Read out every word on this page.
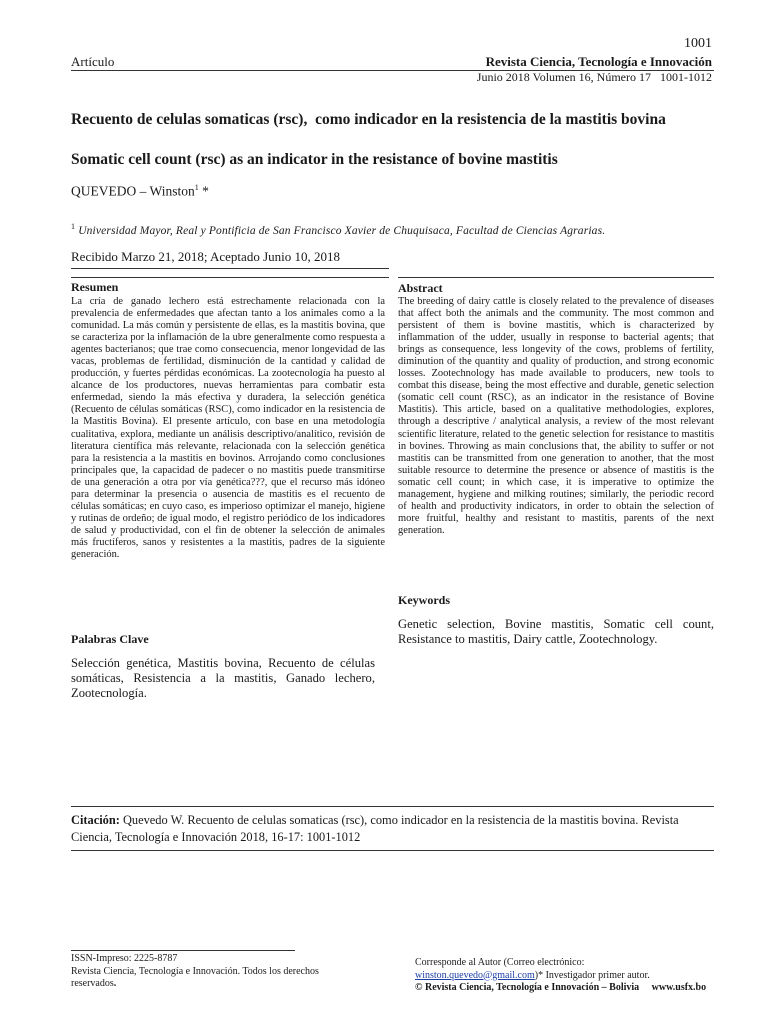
1001
Artículo	Revista Ciencia, Tecnología e Innovación
Junio 2018 Volumen 16, Número 17   1001-1012
Recuento de celulas somaticas (rsc),  como indicador en la resistencia de la mastitis bovina
Somatic cell count (rsc) as an indicator in the resistance of bovine mastitis
QUEVEDO – Winston$^1$ *
$^1$ Universidad Mayor, Real y Pontificia de San Francisco Xavier de Chuquisaca, Facultad de Ciencias Agrarias.
Recibido Marzo 21, 2018; Aceptado Junio 10, 2018
Resumen	Abstract
La cría de ganado lechero está estrechamente relacionada con la prevalencia de enfermedades que afectan tanto a los animales como a la comunidad. La más común y persistente de ellas, es la mastitis bovina, que se caracteriza por la inflamación de la ubre generalmente como respuesta a agentes bacterianos; que trae como consecuencia, menor longevidad de las vacas, problemas de fertilidad, disminución de la cantidad y calidad de producción, y fuertes pérdidas económicas. La zootecnología ha puesto al alcance de los productores, nuevas herramientas para combatir esta enfermedad, siendo la más efectiva y duradera, la selección genética (Recuento de células somáticas (RSC), como indicador en la resistencia de la Mastitis Bovina). El presente artículo, con base en una metodología cualitativa, explora, mediante un análisis descriptivo/analítico, revisión de literatura científica más relevante, relacionada con la selección genética para la resistencia a la mastitis en bovinos. Arrojando como conclusiones principales que, la capacidad de padecer o no mastitis puede transmitirse de una generación a otra por vía genética???, que el recurso más idóneo para determinar la presencia o ausencia de mastitis es el recuento de células somáticas; en cuyo caso, es imperioso optimizar el manejo, higiene y rutinas de ordeño; de igual modo, el registro periódico de los indicadores de salud y productividad, con el fin de obtener la selección de animales más fructíferos, sanos y resistentes a la mastitis, padres de la siguiente generación.
The breeding of dairy cattle is closely related to the prevalence of diseases that affect both the animals and the community. The most common and persistent of them is bovine mastitis, which is characterized by inflammation of the udder, usually in response to bacterial agents; that brings as consequence, less longevity of the cows, problems of fertility, diminution of the quantity and quality of production, and strong economic losses. Zootechnology has made available to producers, new tools to combat this disease, being the most effective and durable, genetic selection (somatic cell count (RSC), as an indicator in the resistance of Bovine Mastitis). This article, based on a qualitative methodologies, explores, through a descriptive / analytical analysis, a review of the most relevant scientific literature, related to the genetic selection for resistance to mastitis in bovines. Throwing as main conclusions that, the ability to suffer or not mastitis can be transmitted from one generation to another, that the most suitable resource to determine the presence or absence of mastitis is the somatic cell count; in which case, it is imperative to optimize the management, hygiene and milking routines; similarly, the periodic record of health and productivity indicators, in order to obtain the selection of more fruitful, healthy and resistant to mastitis, parents of the next generation.
Palabras Clave
Selección genética, Mastitis bovina, Recuento de células somáticas, Resistencia a la mastitis, Ganado lechero, Zootecnología.
Keywords
Genetic selection, Bovine mastitis, Somatic cell count, Resistance to mastitis, Dairy cattle, Zootechnology.
Citación: Quevedo W. Recuento de celulas somaticas (rsc), como indicador en la resistencia de la mastitis bovina. Revista Ciencia, Tecnología e Innovación 2018, 16-17: 1001-1012
ISSN-Impreso: 2225-8787
Revista Ciencia, Tecnología e Innovación. Todos los derechos
reservados.
Corresponde al Autor (Correo electrónico:
winston.quevedo@gmail.com)* Investigador primer autor.
© Revista Ciencia, Tecnología e Innovación – Bolivia     www.usfx.bo
